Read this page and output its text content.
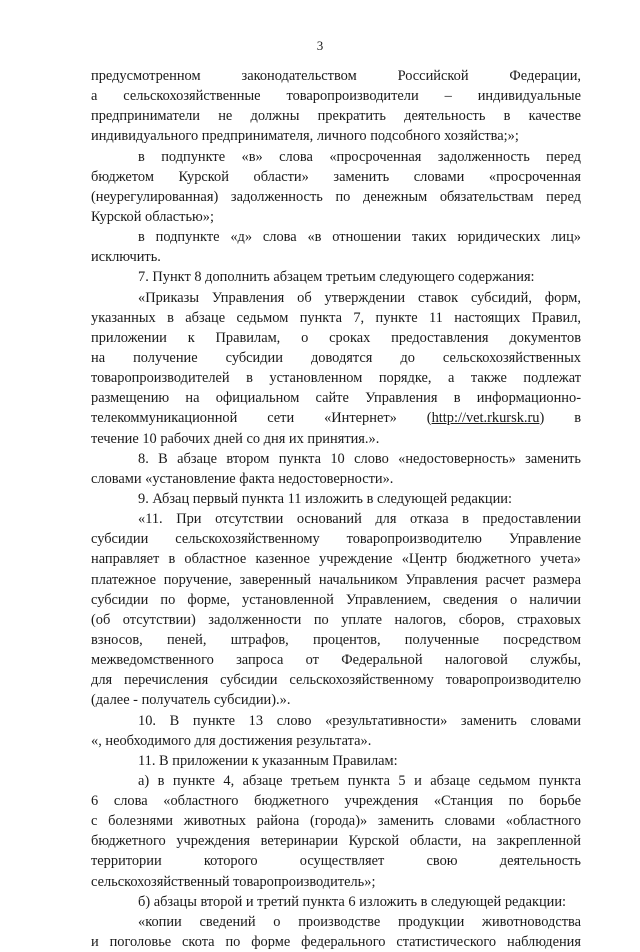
3
предусмотренном законодательством Российской Федерации,
а сельскохозяйственные товаропроизводители – индивидуальные
предприниматели не должны прекратить деятельность в качестве
индивидуального предпринимателя, личного подсобного хозяйства;»;
в подпункте «в» слова «просроченная задолженность перед
бюджетом Курской области» заменить словами «просроченная
(неурегулированная) задолженность по денежным обязательствам перед
Курской областью»;
в подпункте «д» слова «в отношении таких юридических лиц»
исключить.
7. Пункт 8 дополнить абзацем третьим следующего содержания:
«Приказы Управления об утверждении ставок субсидий, форм,
указанных в абзаце седьмом пункта 7, пункте 11 настоящих Правил,
приложении к Правилам, о сроках предоставления документов
на получение субсидии доводятся до сельскохозяйственных
товаропроизводителей в установленном порядке, а также подлежат
размещению на официальном сайте Управления в информационно-
телекоммуникационной сети «Интернет» (http://vet.rkursk.ru) в
течение 10 рабочих дней со дня их принятия.».
8. В абзаце втором пункта 10 слово «недостоверность» заменить
словами «установление факта недостоверности».
9. Абзац первый пункта 11 изложить в следующей редакции:
«11. При отсутствии оснований для отказа в предоставлении
субсидии сельскохозяйственному товаропроизводителю Управление
направляет в областное казенное учреждение «Центр бюджетного учета»
платежное поручение, заверенный начальником Управления расчет размера
субсидии по форме, установленной Управлением, сведения о наличии
(об отсутствии) задолженности по уплате налогов, сборов, страховых
взносов, пеней, штрафов, процентов, полученные посредством
межведомственного запроса от Федеральной налоговой службы,
для перечисления субсидии сельскохозяйственному товаропроизводителю
(далее - получатель субсидии).».
10. В пункте 13 слово «результативности» заменить словами
«, необходимого для достижения результата».
11. В приложении к указанным Правилам:
а) в пункте 4, абзаце третьем пункта 5 и абзаце седьмом пункта
6 слова «областного бюджетного учреждения «Станция по борьбе
с болезнями животных района (города)» заменить словами «областного
бюджетного учреждения ветеринарии Курской области, на закрепленной
территории которого осуществляет свою деятельность
сельскохозяйственный товаропроизводитель»;
б) абзацы второй и третий пункта 6 изложить в следующей редакции:
«копии сведений о производстве продукции животноводства
и поголовье скота по форме федерального статистического наблюдения
